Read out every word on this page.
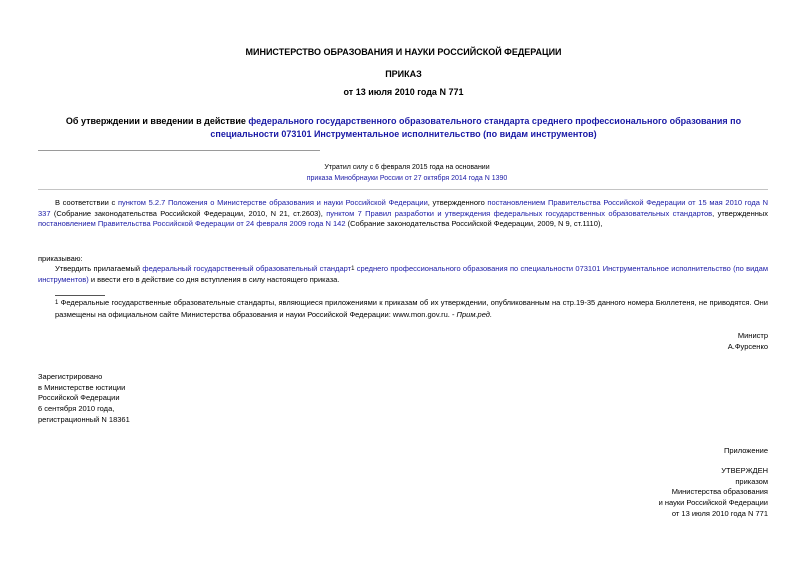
МИНИСТЕРСТВО ОБРАЗОВАНИЯ И НАУКИ РОССИЙСКОЙ ФЕДЕРАЦИИ
ПРИКАЗ
от 13 июля 2010 года N 771
Об утверждении и введении в действие федерального государственного образовательного стандарта среднего профессионального образования по специальности 073101 Инструментальное исполнительство (по видам инструментов)
Утратил силу с 6 февраля 2015 года на основании
приказа Минобрнауки России от 27 октября 2014 года N 1390
В соответствии с пунктом 5.2.7 Положения о Министерстве образования и науки Российской Федерации, утвержденного постановлением Правительства Российской Федерации от 15 мая 2010 года N 337 (Собрание законодательства Российской Федерации, 2010, N 21, ст.2603), пунктом 7 Правил разработки и утверждения федеральных государственных образовательных стандартов, утвержденных постановлением Правительства Российской Федерации от 24 февраля 2009 года N 142 (Собрание законодательства Российской Федерации, 2009, N 9, ст.1110),
приказываю:
Утвердить прилагаемый федеральный государственный образовательный стандарт1 среднего профессионального образования по специальности 073101 Инструментальное исполнительство (по видам инструментов) и ввести его в действие со дня вступления в силу настоящего приказа.
1 Федеральные государственные образовательные стандарты, являющиеся приложениями к приказам об их утверждении, опубликованным на стр.19-35 данного номера Бюллетеня, не приводятся. Они размещены на официальном сайте Министерства образования и науки Российской Федерации: www.mon.gov.ru. - Прим.ред.
Министр
А.Фурсенко
Зарегистрировано
в Министерстве юстиции
Российской Федерации
6 сентября 2010 года,
регистрационный N 18361
Приложение
УТВЕРЖДЕН
приказом
Министерства образования
и науки Российской Федерации
от 13 июля 2010 года N 771
